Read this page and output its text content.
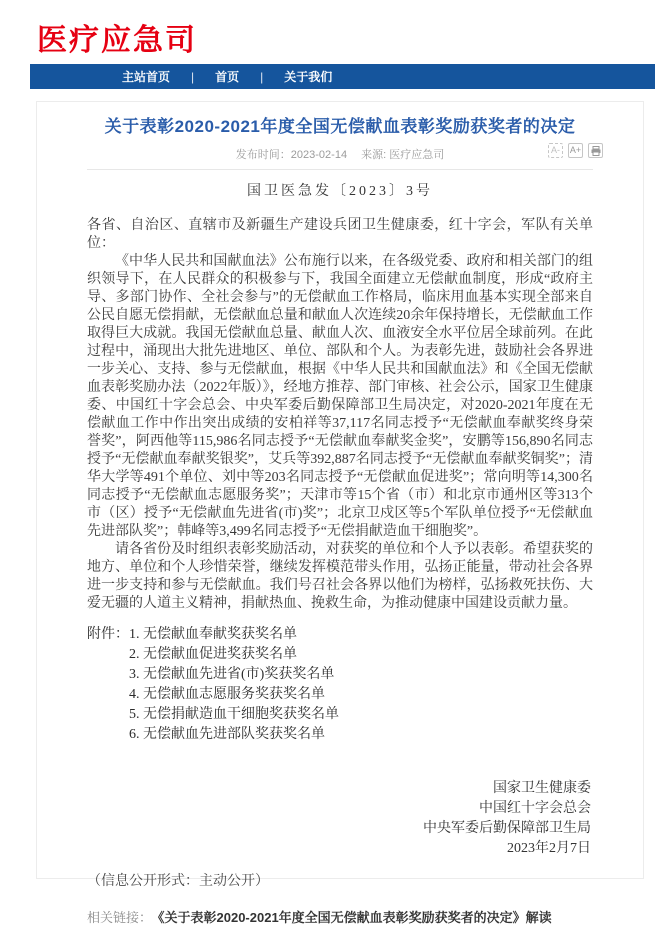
医疗应急司
主站首页 | 首页 | 关于我们
关于表彰2020-2021年度全国无偿献血表彰奖励获奖者的决定
发布时间：2023-02-14 来源: 医疗应急司	A-	A+
国卫医急发〔2023〕3号

各省、自治区、直辖市及新疆生产建设兵团卫生健康委，红十字会，军队有关单位：

《中华人民共和国献血法》公布施行以来，在各级党委、政府和相关部门的组织领导下，在人民群众的积极参与下，我国全面建立无偿献血制度，形成“政府主导、多部门协作、全社会参与”的无偿献血工作格局，临床用血基本实现全部来自公民自愿无偿捐献，无偿献血总量和献血人次连续20余年保持增长，无偿献血工作取得巨大成就。我国无偿献血总量、献血人次、血液安全水平位居全球前列。在此过程中，涌现出大批先进地区、单位、部队和个人。为表彰先进，鼓励社会各界进一步关心、支持、参与无偿献血，根据《中华人民共和国献血法》和《全国无偿献血表彰奖励办法（2022年版）》，经地方推荐、部门审核、社会公示，国家卫生健康委、中国红十字会总会、中央军委后勤保障部卫生局决定，对2020-2021年度在无偿献血工作中作出突出成绩的安柏祥等37,117名同志授予“无偿献血奉献奖终身荣誉奖”，阿西他等115,986名同志授予“无偿献血奉献奖金奖”，安鹏等156,890名同志授予“无偿献血奉献奖银奖”，艾兵等392,887名同志授予“无偿献血奉献奖铜奖”；清华大学等491个单位、刘中等203名同志授予“无偿献血促进奖”；常向明等14,300名同志授予“无偿献血志愿服务奖”；天津市等15个省（市）和北京市通州区等313个市（区）授予“无偿献血先进省(市)奖”；北京卫戍区等5个军队单位授予“无偿献血先进部队奖”；韩峰等3,499名同志授予“无偿捐献造血干细胞奖”。

请各省份及时组织表彰奖励活动，对获奖的单位和个人予以表彰。希望获奖的地方、单位和个人珍惜荣誉，继续发挥模范带头作用，弘扬正能量，带动社会各界进一步支持和参与无偿献血。我们号召社会各界以他们为榜样，弘扬救死扶伤、大爱无疆的人道主义精神，捐献热血、挽救生命，为推动健康中国建设贡献力量。

附件： 1. 无偿献血奉献奖获奖名单
2. 无偿献血促进奖获奖名单
3. 无偿献血先进省(市)奖获奖名单
4. 无偿献血志愿服务奖获奖名单
5. 无偿捐献造血干细胞奖获奖名单
6. 无偿献血先进部队奖获奖名单
国家卫生健康委
中国红十字会总会
中央军委后勤保障部卫生局
2023年2月7日
（信息公开形式：主动公开）
相关链接： 《关于表彰2020-2021年度全国无偿献血表彰奖励获奖者的决定》解读
